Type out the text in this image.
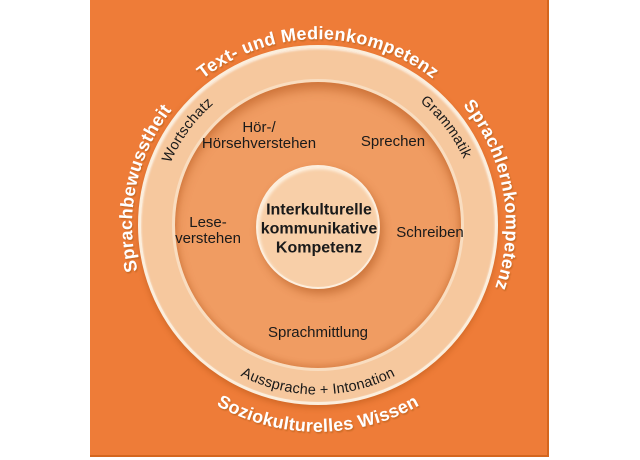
Text- und Medienkompetenz
Sprachbewusstheit	Sprachlernkompetenz
Soziokulturelles Wissen
Wortschatz	Grammatik
Aussprache + Intonation
Hör-/
Hörsehverstehen	Sprechen
Lese-
verstehen	Schreiben
Sprachmittlung
Interkulturelle
kommunikative
Kompetenz
